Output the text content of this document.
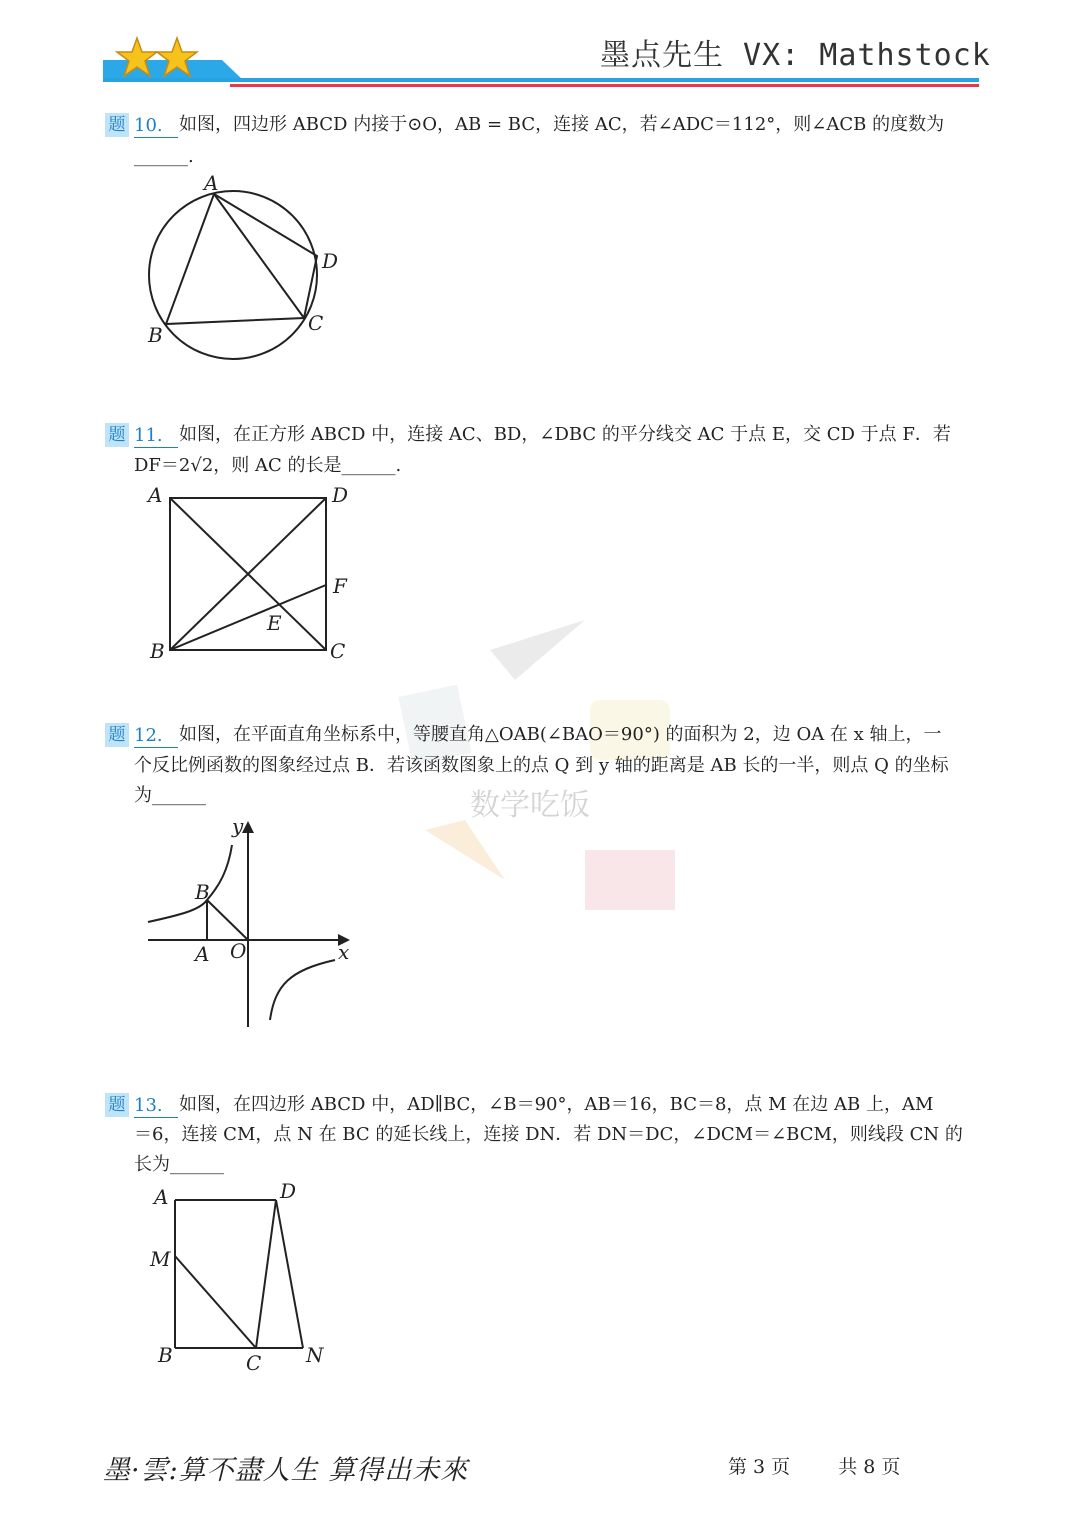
墨点先生 VX: Mathstock
题 10. 如图，四边形 ABCD 内接于⊙O，AB = BC，连接 AC，若∠ADC＝112°，则∠ACB 的度数为
______.
A
D
C
B
题 11. 如图，在正方形 ABCD 中，连接 AC、BD，∠DBC 的平分线交 AC 于点 E，交 CD 于点 F．若
DF＝2√2，则 AC 的长是______.
A	D
F
E
B	C
数学吃饭
题 12. 如图，在平面直角坐标系中，等腰直角△OAB(∠BAO＝90°) 的面积为 2，边 OA 在 x 轴上，一
个反比例函数的图象经过点 B．若该函数图象上的点 Q 到 y 轴的距离是 AB 长的一半，则点 Q 的坐标
为______
y
B
A O	x
题 13. 如图，在四边形 ABCD 中，AD∥BC，∠B＝90°，AB＝16，BC＝8，点 M 在边 AB 上，AM
＝6，连接 CM，点 N 在 BC 的延长线上，连接 DN．若 DN＝DC，∠DCM＝∠BCM，则线段 CN 的
长为______
A	D
M
B	C N
墨·雲:算不盡人生 算得出未來	第 3 页	共 8 页
